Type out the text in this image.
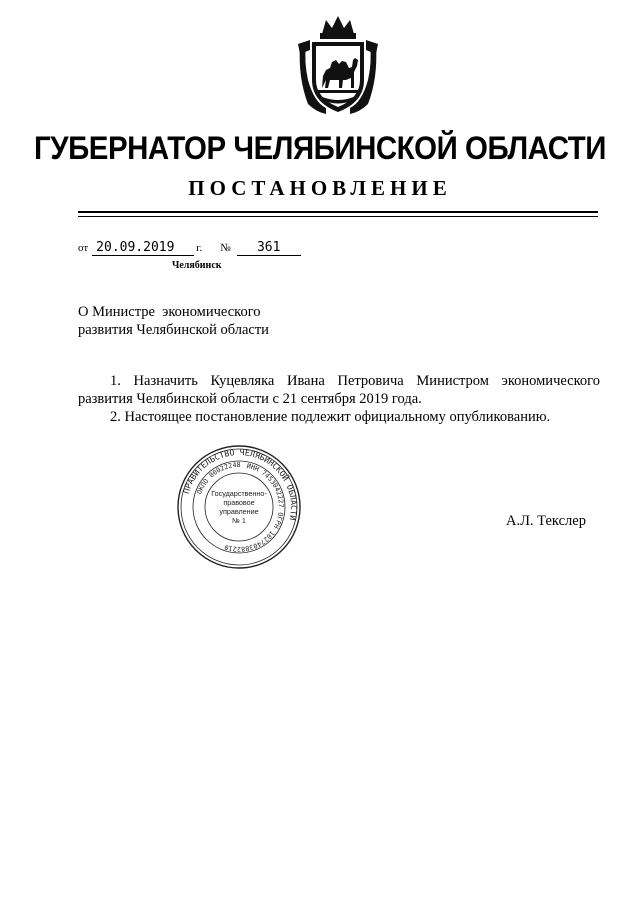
ГУБЕРНАТОР ЧЕЛЯБИНСКОЙ ОБЛАСТИ
ПОСТАНОВЛЕНИЕ
от 20.09.2019	г. №	361
Челябинск
О Министре  экономического
развития Челябинской области
1. Назначить Куцевляка Ивана Петровича Министром экономического развития Челябинской области с 21 сентября 2019 года.
2. Настоящее постановление подлежит официальному опубликованию.
ПРАВИТЕЛЬСТВО ЧЕЛЯБИНСКОЙ ОБЛАСТИ
ОГРН 1027403882210
ОКПО 00022248 ИНН 7453042227
Государственно-
правовое
управление
№ 1	А.Л. Текслер
